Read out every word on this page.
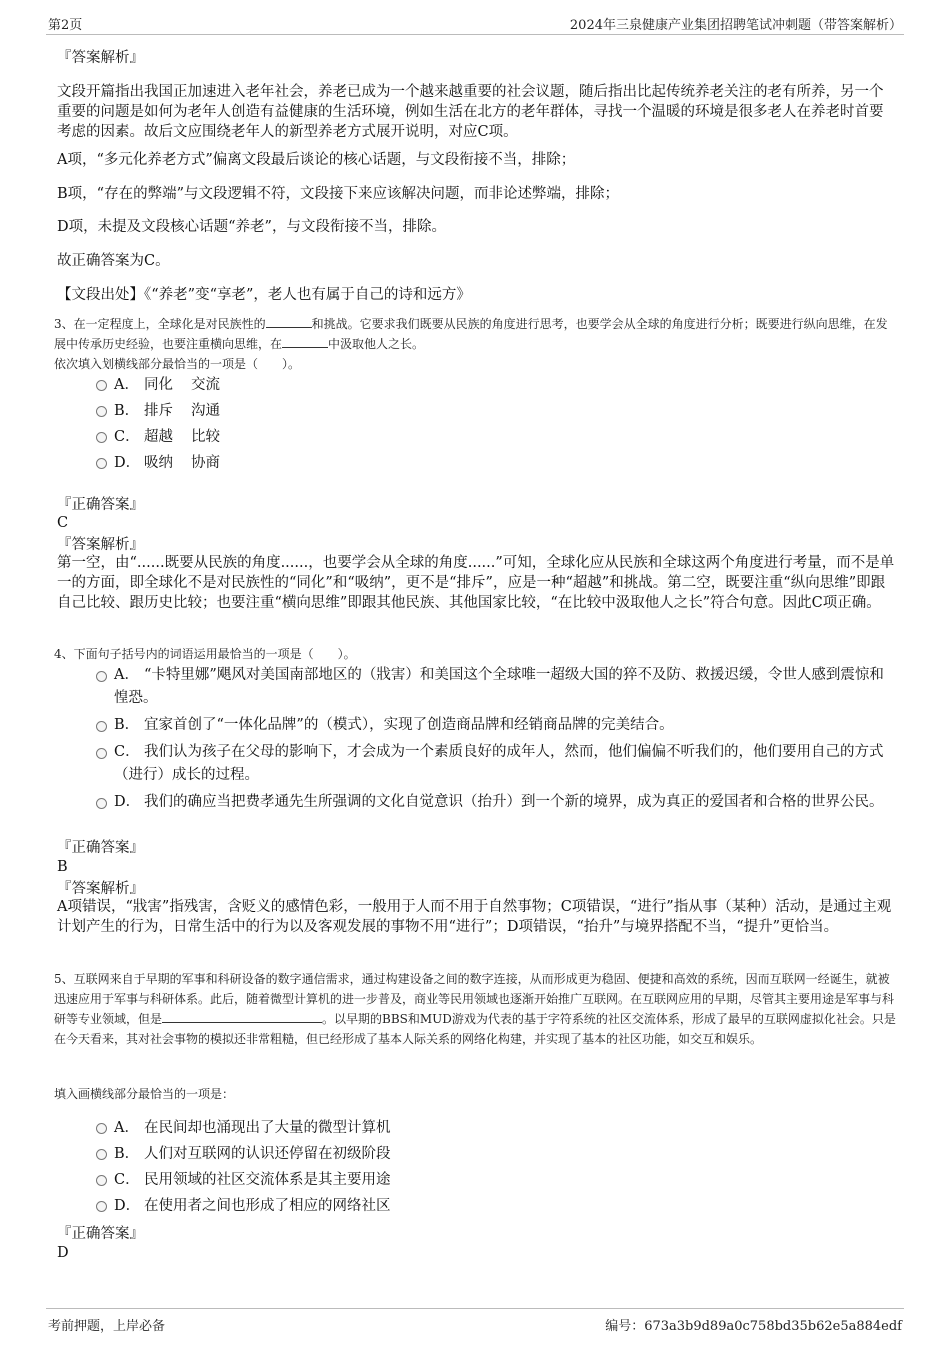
第2页	2024年三泉健康产业集团招聘笔试冲刺题（带答案解析）
『答案解析』
文段开篇指出我国正加速进入老年社会，养老已成为一个越来越重要的社会议题，随后指出比起传统养老关注的老有所养，另一个重要的问题是如何为老年人创造有益健康的生活环境，例如生活在北方的老年群体，寻找一个温暖的环境是很多老人在养老时首要考虑的因素。故后文应围绕老年人的新型养老方式展开说明，对应C项。
A项，“多元化养老方式”偏离文段最后谈论的核心话题，与文段衔接不当，排除；
B项，“存在的弊端”与文段逻辑不符，文段接下来应该解决问题，而非论述弊端，排除；
D项，未提及文段核心话题“养老”，与文段衔接不当，排除。
故正确答案为C。
【文段出处】《“养老”变“享老”，老人也有属于自己的诗和远方》
3、在一定程度上，全球化是对民族性的	和挑战。它要求我们既要从民族的角度进行思考，也要学会从全球的角度进行分析；既要进行纵向思维，在发展中传承历史经验，也要注重横向思维，在	中汲取他人之长。
依次填入划横线部分最恰当的一项是（　　）。
A． 同化 交流
B． 排斥 沟通
C． 超越 比较
D． 吸纳 协商
『正确答案』
C
『答案解析』
第一空，由“......既要从民族的角度......，也要学会从全球的角度......”可知，全球化应从民族和全球这两个角度进行考量，而不是单一的方面，即全球化不是对民族性的“同化”和“吸纳”，更不是“排斥”，应是一种“超越”和挑战。第二空，既要注重“纵向思维”即跟自己比较、跟历史比较；也要注重“横向思维”即跟其他民族、其他国家比较，“在比较中汲取他人之长”符合句意。因此C项正确。
4、下面句子括号内的词语运用最恰当的一项是（　　）。
A． “卡特里娜”飓风对美国南部地区的（戕害）和美国这个全球唯一超级大国的猝不及防、救援迟缓，令世人感到震惊和惶恐。
B． 宜家首创了“一体化品牌”的（模式），实现了创造商品牌和经销商品牌的完美结合。
C． 我们认为孩子在父母的影响下，才会成为一个素质良好的成年人，然而，他们偏偏不听我们的，他们要用自己的方式（进行）成长的过程。
D． 我们的确应当把费孝通先生所强调的文化自觉意识（抬升）到一个新的境界，成为真正的爱国者和合格的世界公民。
『正确答案』
B
『答案解析』
A项错误，“戕害”指残害，含贬义的感情色彩，一般用于人而不用于自然事物；C项错误，“进行”指从事（某种）活动，是通过主观计划产生的行为，日常生活中的行为以及客观发展的事物不用“进行”；D项错误，“抬升”与境界搭配不当，“提升”更恰当。
5、互联网来自于早期的军事和科研设备的数字通信需求，通过构建设备之间的数字连接，从而形成更为稳固、便捷和高效的系统，因而互联网一经诞生，就被迅速应用于军事与科研体系。此后，随着微型计算机的进一步普及，商业等民用领域也逐渐开始推广互联网。在互联网应用的早期，尽管其主要用途是军事与科研等专业领域，但是	。以早期的BBS和MUD游戏为代表的基于字符系统的社区交流体系，形成了最早的互联网虚拟化社会。只是在今天看来，其对社会事物的模拟还非常粗糙，但已经形成了基本人际关系的网络化构建，并实现了基本的社区功能，如交互和娱乐。
填入画横线部分最恰当的一项是：
A． 在民间却也涌现出了大量的微型计算机
B． 人们对互联网的认识还停留在初级阶段
C． 民用领域的社区交流体系是其主要用途
D． 在使用者之间也形成了相应的网络社区
『正确答案』
D
考前押题，上岸必备	编号：673a3b9d89a0c758bd35b62e5a884edf
